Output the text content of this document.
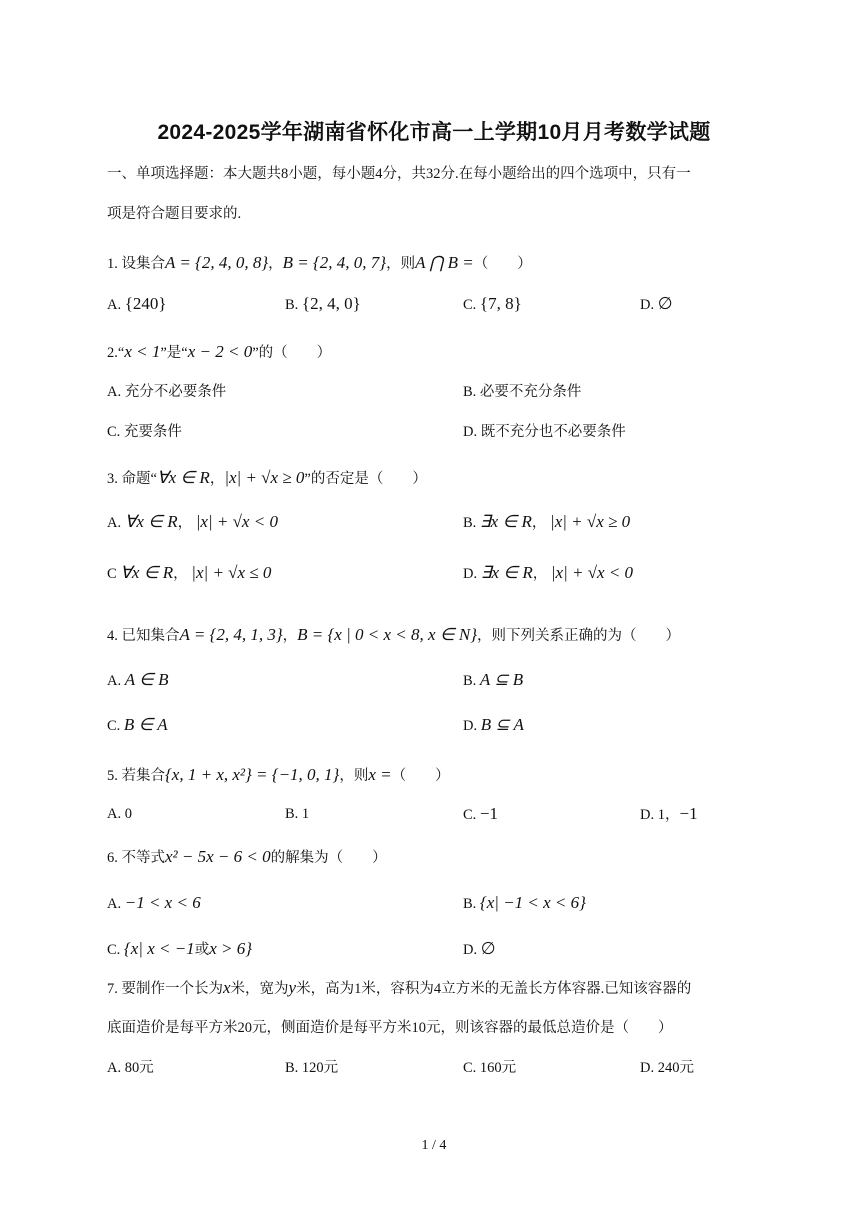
2024-2025学年湖南省怀化市高一上学期10月月考数学试题
一、单项选择题：本大题共8小题，每小题4分，共32分.在每小题给出的四个选项中，只有一
项是符合题目要求的.
1. 设集合A = {2, 4, 0, 8}，B = {2, 4, 0, 7}，则A ⋂ B =（　　）
A. {240}	B. {2, 4, 0}	C. {7, 8}	D. ∅
2.“x < 1”是“x − 2 < 0”的（　　）
A. 充分不必要条件	B. 必要不充分条件
C. 充要条件	D. 既不充分也不必要条件
3. 命题“∀x ∈ R，|x| + √x ≥ 0”的否定是（　　）
A. ∀x ∈ R， |x| + √x < 0	B. ∃x ∈ R， |x| + √x ≥ 0
C ∀x ∈ R， |x| + √x ≤ 0	D. ∃x ∈ R， |x| + √x < 0
4. 已知集合A = {2, 4, 1, 3}，B = {x | 0 < x < 8, x ∈ N}，则下列关系正确的为（　　）
A. A ∈ B	B. A ⊆ B
C. B ∈ A	D. B ⊆ A
5. 若集合{x, 1 + x, x²} = {−1, 0, 1}，则x =（　　）
A. 0	B. 1	C. −1	D. 1，−1
6. 不等式x² − 5x − 6 < 0的解集为（　　）
A. −1 < x < 6	B. {x| −1 < x < 6}
C. {x| x < −1或x > 6}	D. ∅
7. 要制作一个长为x米，宽为y米，高为1米，容积为4立方米的无盖长方体容器.已知该容器的
底面造价是每平方米20元，侧面造价是每平方米10元，则该容器的最低总造价是（　　）
A. 80元	B. 120元	C. 160元	D. 240元
1 / 4
